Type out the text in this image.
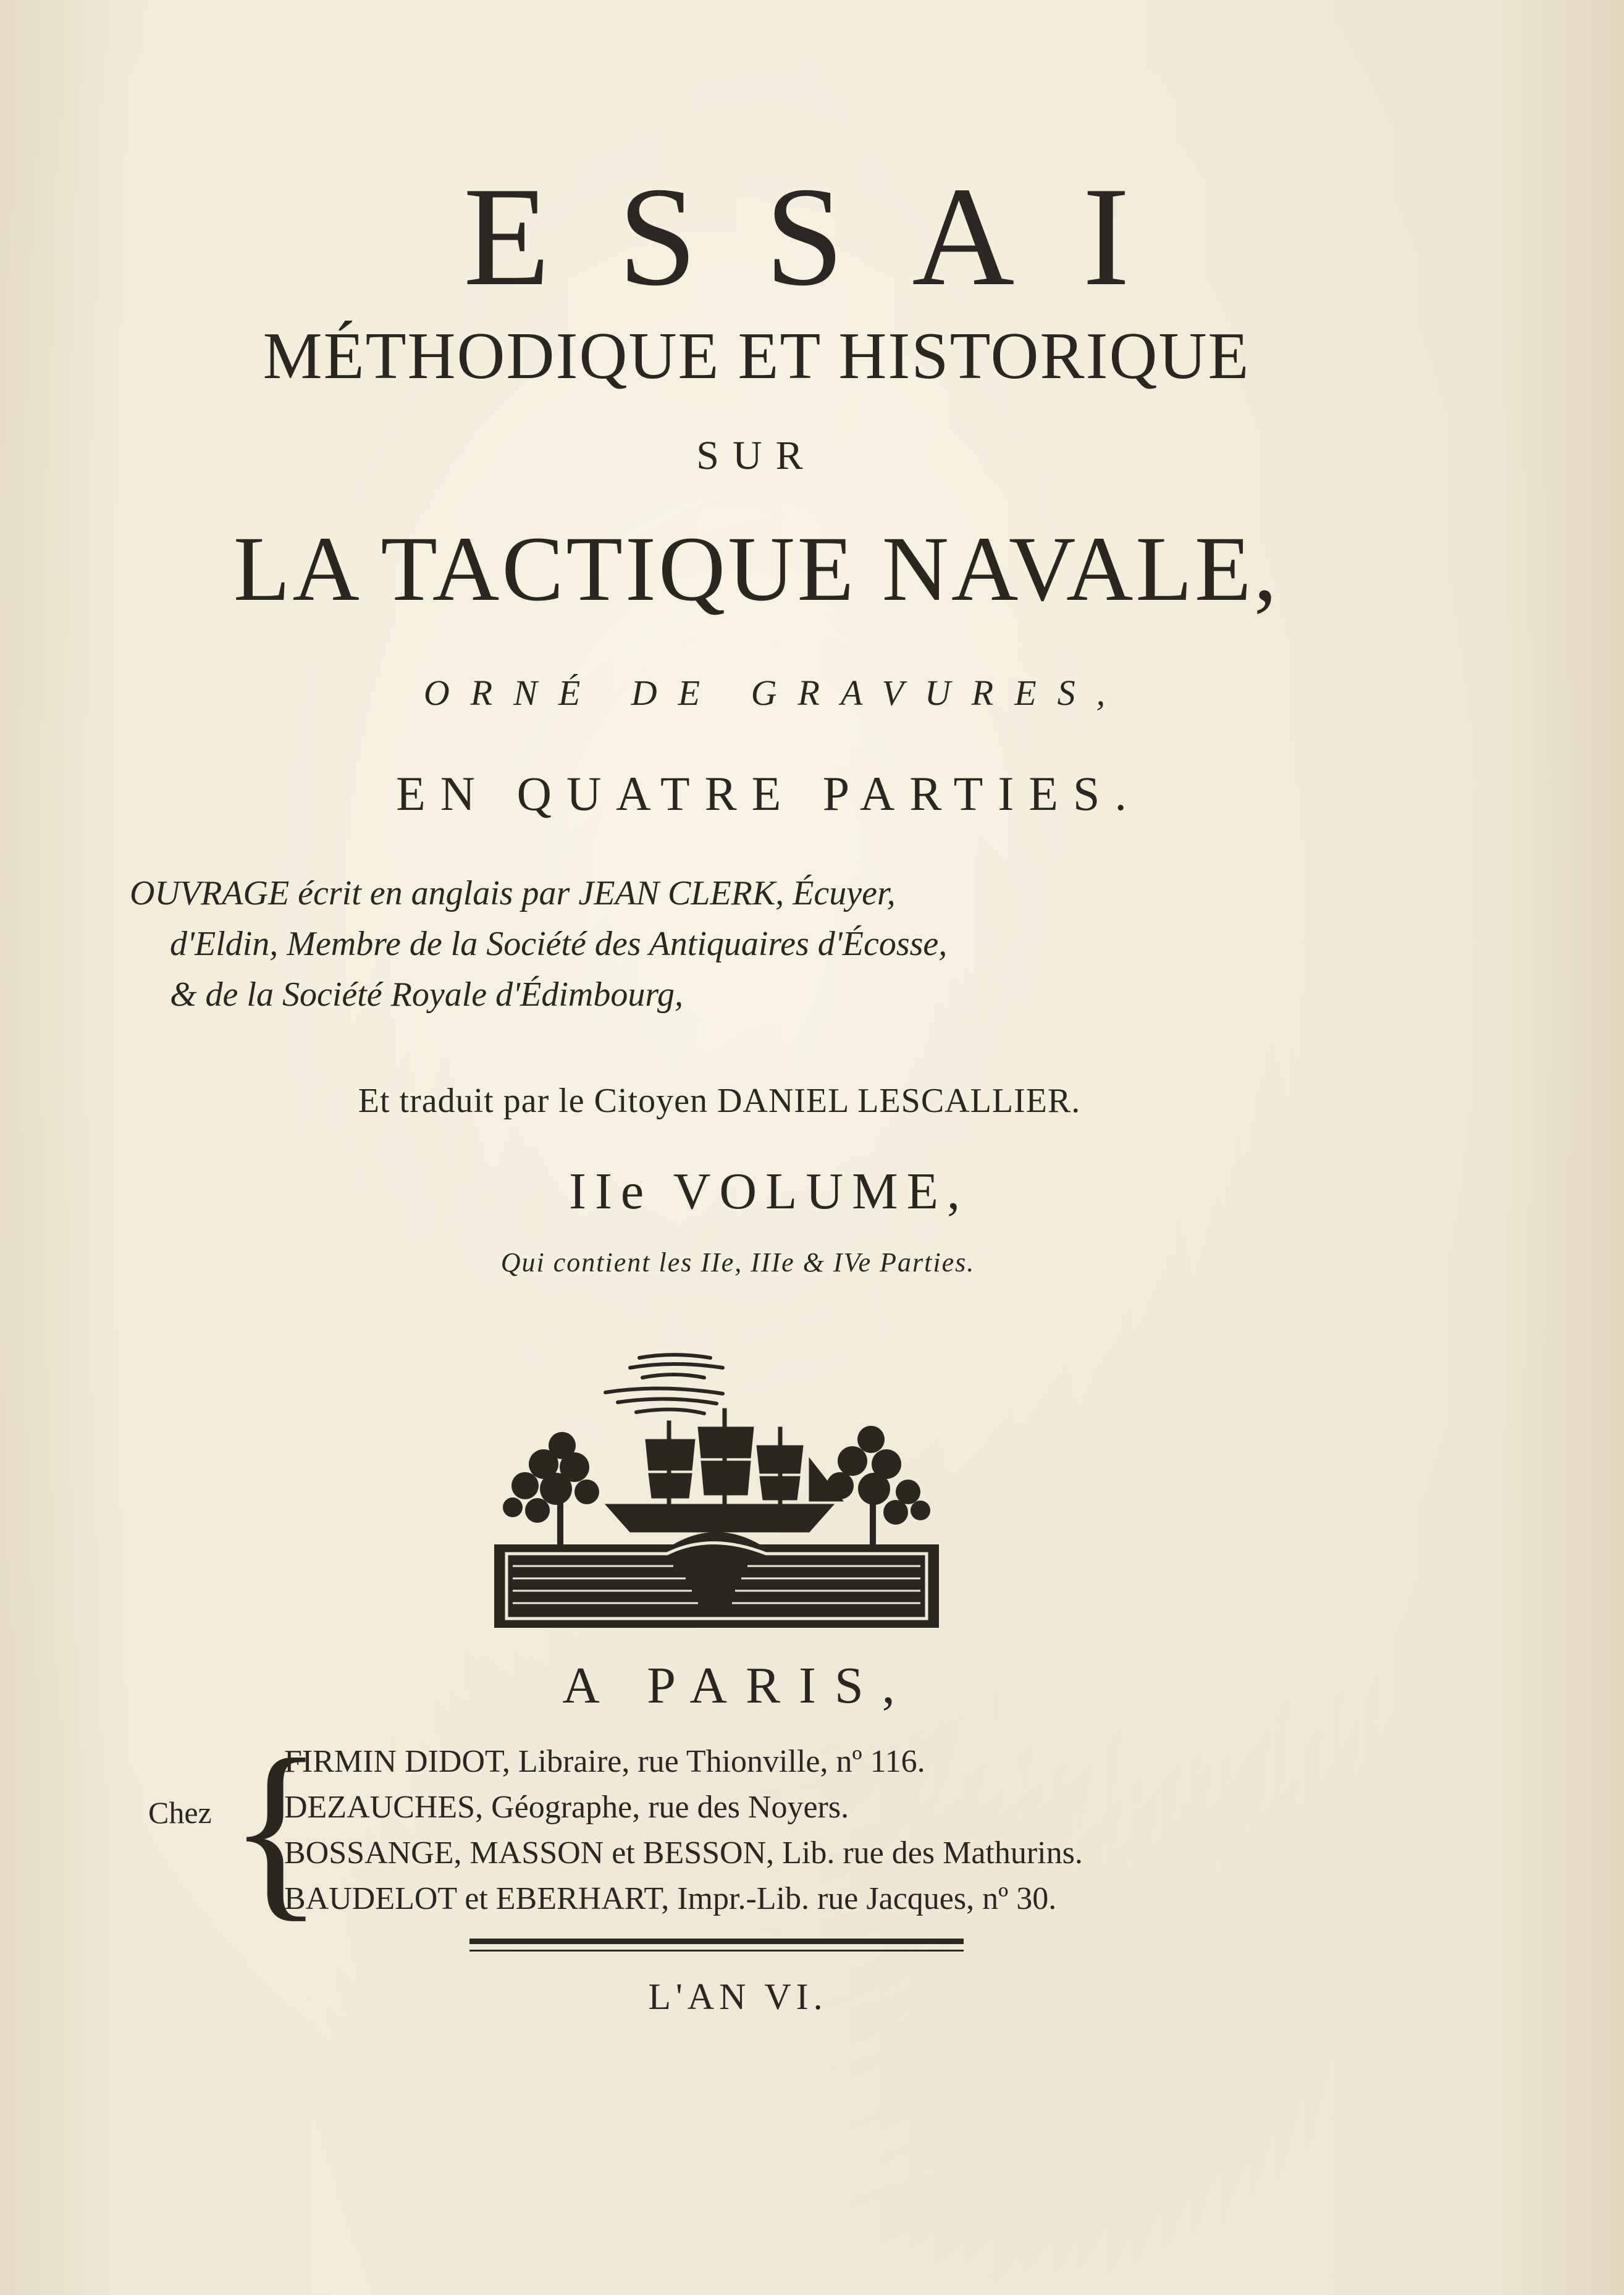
ESSAI
MÉTHODIQUE ET HISTORIQUE
SUR
LA TACTIQUE NAVALE,
ORNÉ DE GRAVURES,
EN QUATRE PARTIES.
OUVRAGE écrit en anglais par JEAN CLERK, Écuyer,
d'Eldin, Membre de la Société des Antiquaires d'Écosse,
& de la Société Royale d'Édimbourg,
Et traduit par le Citoyen DANIEL LESCALLIER.
IIe VOLUME,
Qui contient les IIe, IIIe & IVe Parties.
A PARIS,
Chez {
FIRMIN DIDOT, Libraire, rue Thionville, nº 116.
DEZAUCHES, Géographe, rue des Noyers.
BOSSANGE, MASSON et BESSON, Lib. rue des Mathurins.
BAUDELOT et EBERHART, Impr.-Lib. rue Jacques, nº 30.
L'AN VI.
